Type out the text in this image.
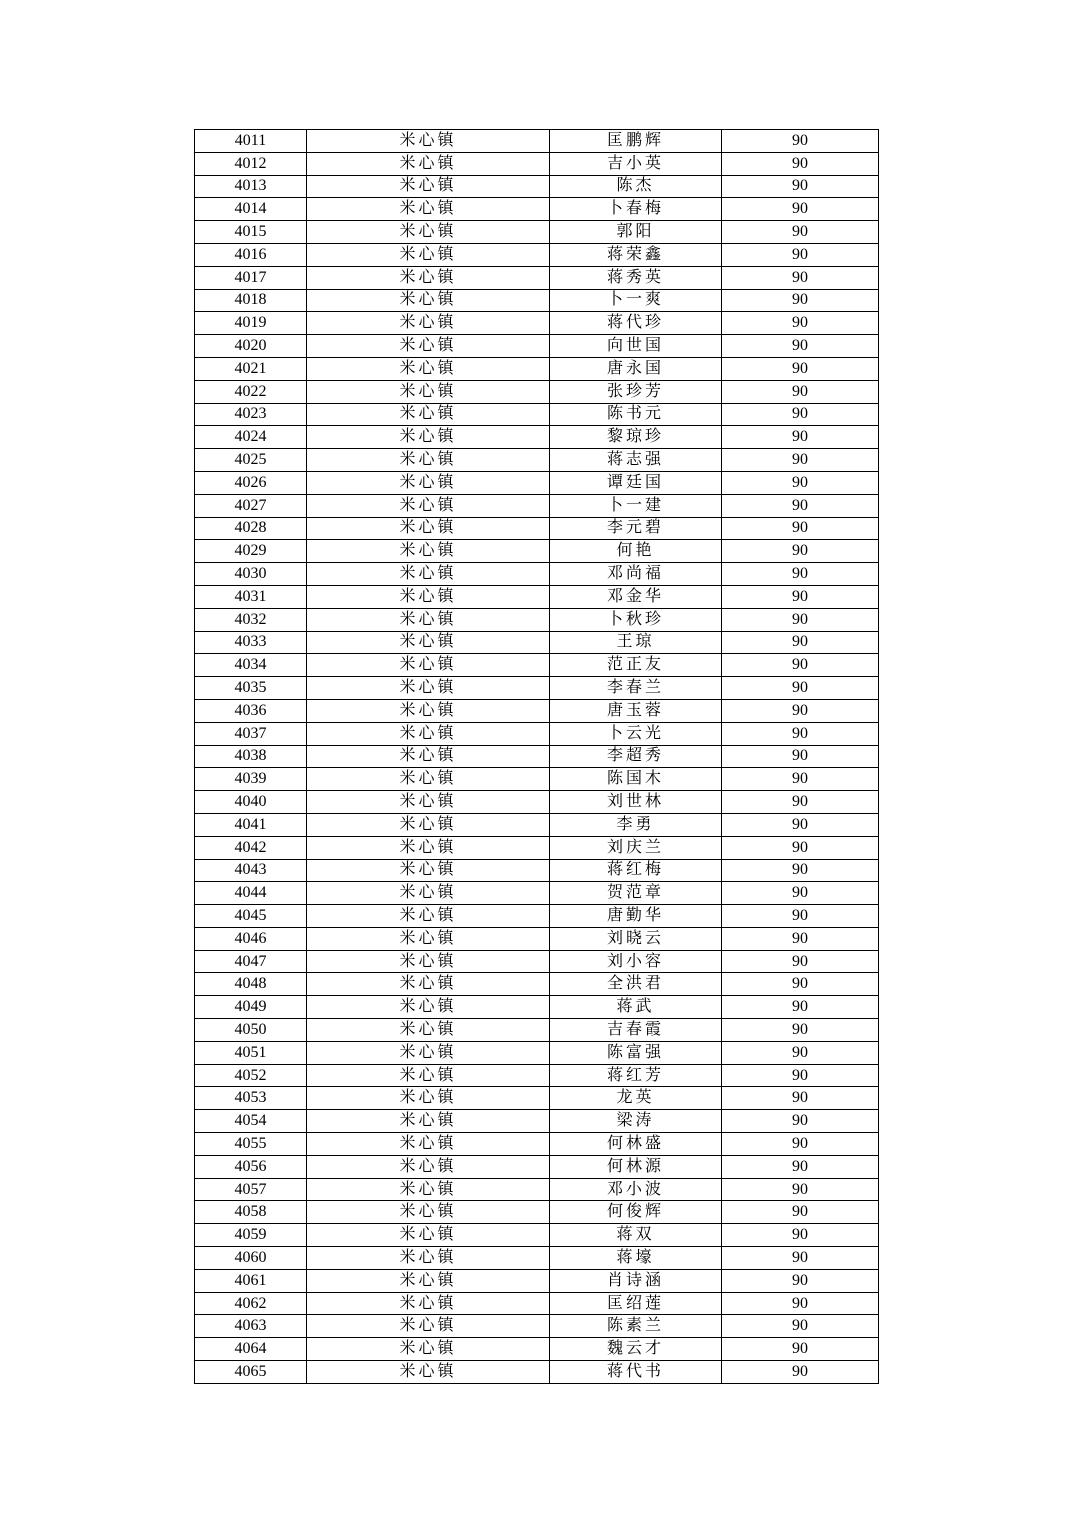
4011	米心镇	匡鹏辉	90
4012	米心镇	吉小英	90
4013	米心镇	陈杰	90
4014	米心镇	卜春梅	90
4015	米心镇	郭阳	90
4016	米心镇	蒋荣鑫	90
4017	米心镇	蒋秀英	90
4018	米心镇	卜一爽	90
4019	米心镇	蒋代珍	90
4020	米心镇	向世国	90
4021	米心镇	唐永国	90
4022	米心镇	张珍芳	90
4023	米心镇	陈书元	90
4024	米心镇	黎琼珍	90
4025	米心镇	蒋志强	90
4026	米心镇	谭廷国	90
4027	米心镇	卜一建	90
4028	米心镇	李元碧	90
4029	米心镇	何艳	90
4030	米心镇	邓尚福	90
4031	米心镇	邓金华	90
4032	米心镇	卜秋珍	90
4033	米心镇	王琼	90
4034	米心镇	范正友	90
4035	米心镇	李春兰	90
4036	米心镇	唐玉蓉	90
4037	米心镇	卜云光	90
4038	米心镇	李超秀	90
4039	米心镇	陈国木	90
4040	米心镇	刘世林	90
4041	米心镇	李勇	90
4042	米心镇	刘庆兰	90
4043	米心镇	蒋红梅	90
4044	米心镇	贺范章	90
4045	米心镇	唐勤华	90
4046	米心镇	刘晓云	90
4047	米心镇	刘小容	90
4048	米心镇	全洪君	90
4049	米心镇	蒋武	90
4050	米心镇	吉春霞	90
4051	米心镇	陈富强	90
4052	米心镇	蒋红芳	90
4053	米心镇	龙英	90
4054	米心镇	梁涛	90
4055	米心镇	何林盛	90
4056	米心镇	何林源	90
4057	米心镇	邓小波	90
4058	米心镇	何俊辉	90
4059	米心镇	蒋双	90
4060	米心镇	蒋壕	90
4061	米心镇	肖诗涵	90
4062	米心镇	匡绍莲	90
4063	米心镇	陈素兰	90
4064	米心镇	魏云才	90
4065	米心镇	蒋代书	90
